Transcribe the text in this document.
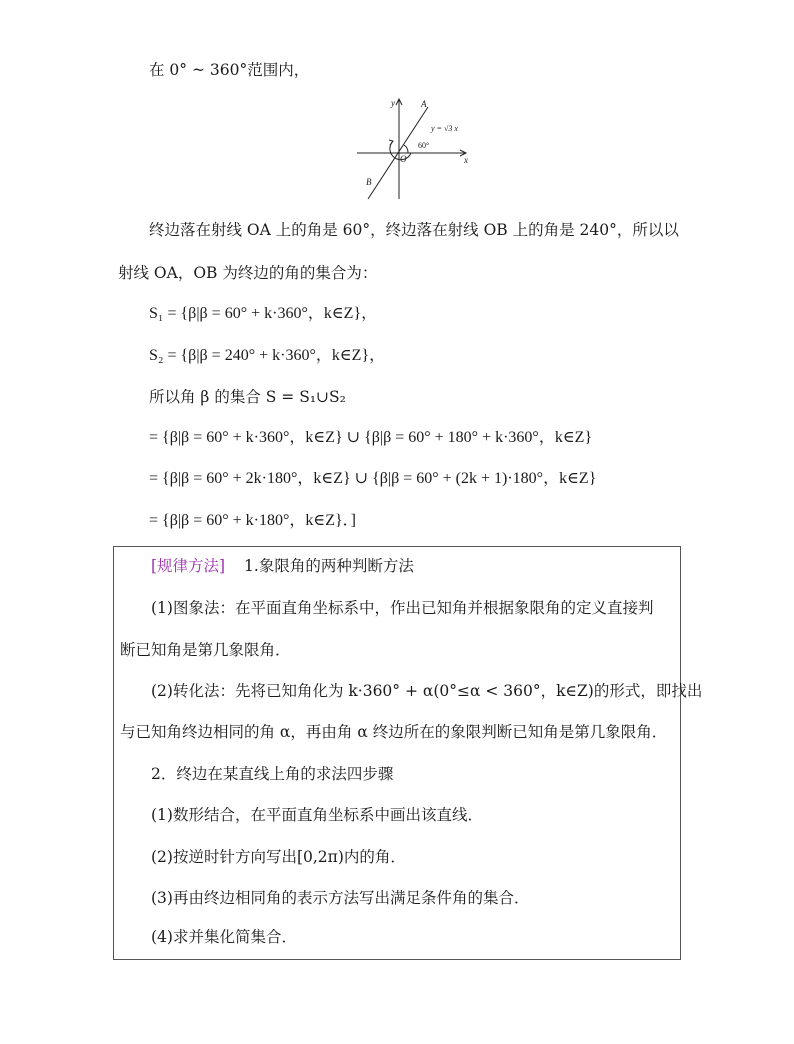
在 0° ~ 360°范围内，
y
x
A
B
O
y = √3 x
60°
终边落在射线 OA 上的角是 60°，终边落在射线 OB 上的角是 240°，所以以
射线 OA，OB 为终边的角的集合为：
S₁ = {β|β = 60° + k·360°，k∈Z}，
S₂ = {β|β = 240° + k·360°，k∈Z}，
所以角 β 的集合 S = S₁∪S₂
= {β|β = 60° + k·360°，k∈Z} ∪ {β|β = 60° + 180° + k·360°，k∈Z}
= {β|β = 60° + 2k·180°，k∈Z} ∪ {β|β = 60° + (2k + 1)·180°，k∈Z}
= {β|β = 60° + k·180°，k∈Z}．]
[规律方法] 1.象限角的两种判断方法
(1)图象法：在平面直角坐标系中，作出已知角并根据象限角的定义直接判
断已知角是第几象限角．
(2)转化法：先将已知角化为 k·360° + α(0°≤α < 360°，k∈Z)的形式，即找出
与已知角终边相同的角 α，再由角 α 终边所在的象限判断已知角是第几象限角．
2．终边在某直线上角的求法四步骤
(1)数形结合，在平面直角坐标系中画出该直线．
(2)按逆时针方向写出[0,2π)内的角．
(3)再由终边相同角的表示方法写出满足条件角的集合．
(4)求并集化简集合．
